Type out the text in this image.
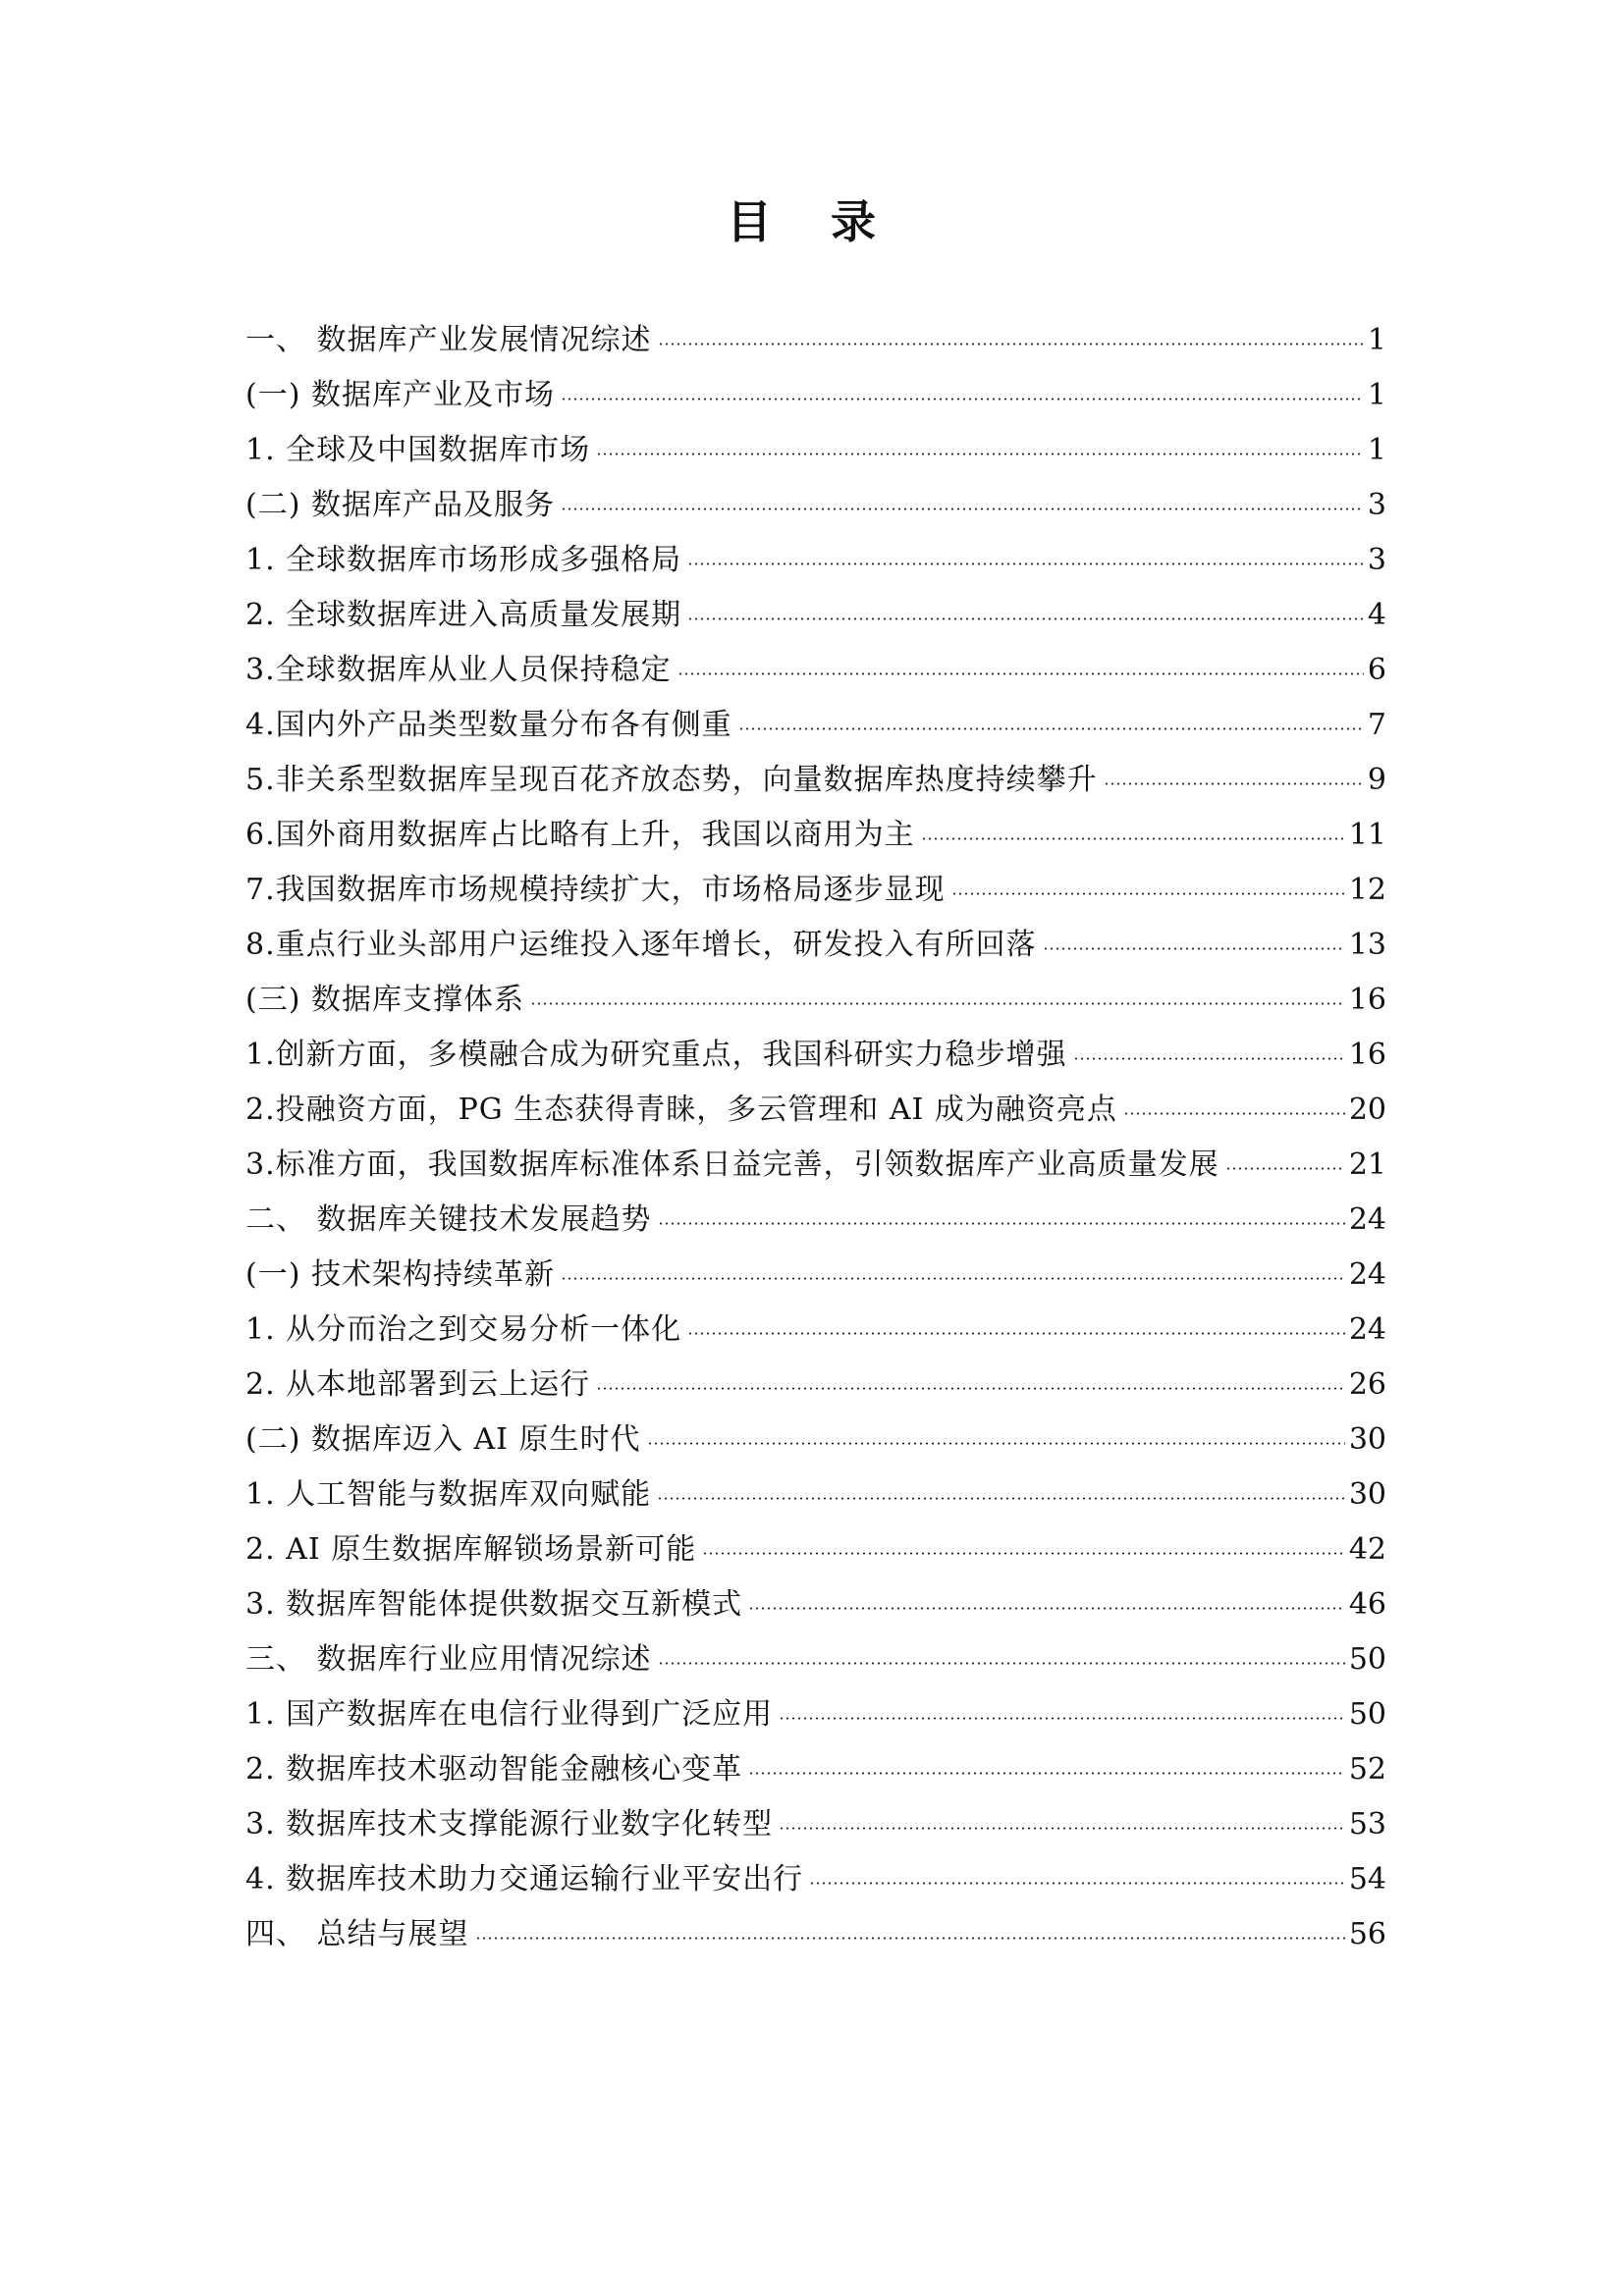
目 录
一、 数据库产业发展情况综述	1
(一) 数据库产业及市场	1
1. 全球及中国数据库市场	1
(二) 数据库产品及服务	3
1. 全球数据库市场形成多强格局	3
2. 全球数据库进入高质量发展期	4
3.全球数据库从业人员保持稳定	6
4.国内外产品类型数量分布各有侧重	7
5.非关系型数据库呈现百花齐放态势，向量数据库热度持续攀升	9
6.国外商用数据库占比略有上升，我国以商用为主	11
7.我国数据库市场规模持续扩大，市场格局逐步显现	12
8.重点行业头部用户运维投入逐年增长，研发投入有所回落	13
(三) 数据库支撑体系	16
1.创新方面，多模融合成为研究重点，我国科研实力稳步增强	16
2.投融资方面，PG 生态获得青睐，多云管理和 AI 成为融资亮点	20
3.标准方面，我国数据库标准体系日益完善，引领数据库产业高质量发展	21
二、 数据库关键技术发展趋势	24
(一) 技术架构持续革新	24
1. 从分而治之到交易分析一体化	24
2. 从本地部署到云上运行	26
(二) 数据库迈入 AI 原生时代	30
1. 人工智能与数据库双向赋能	30
2. AI 原生数据库解锁场景新可能	42
3. 数据库智能体提供数据交互新模式	46
三、 数据库行业应用情况综述	50
1. 国产数据库在电信行业得到广泛应用	50
2. 数据库技术驱动智能金融核心变革	52
3. 数据库技术支撑能源行业数字化转型	53
4. 数据库技术助力交通运输行业平安出行	54
四、 总结与展望	56
